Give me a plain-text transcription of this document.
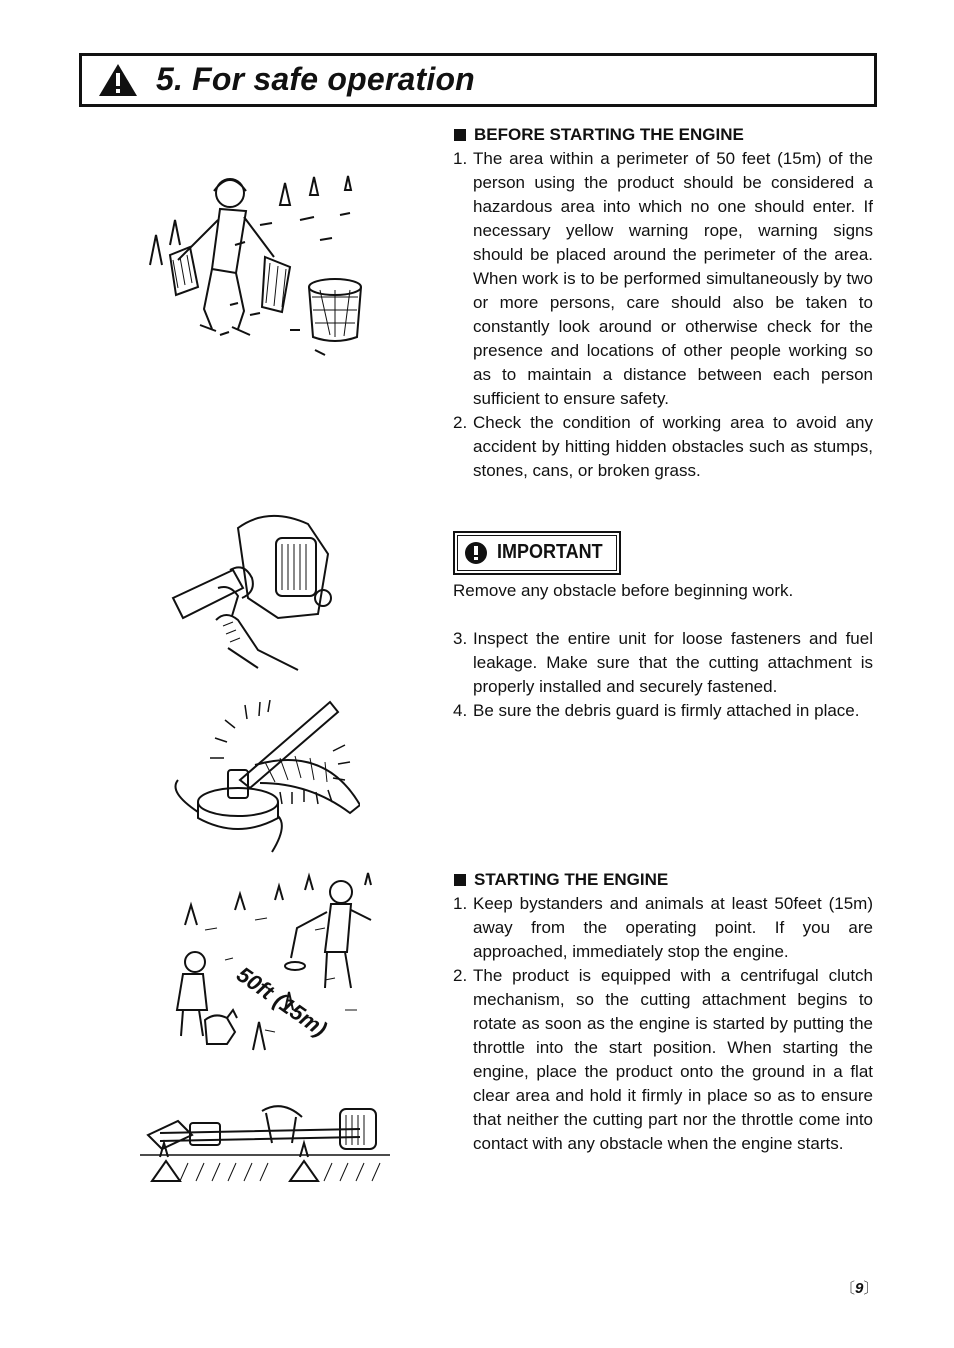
5. For safe operation
50ft (15m)
BEFORE STARTING THE ENGINE
1. The area within a perimeter of 50 feet (15m) of the person using the product should be considered a hazardous area into which no one should enter. If necessary yellow warning rope, warning signs should be placed around the perimeter of the area. When work is to be performed simultaneously by two or more persons, care should also be taken to constantly look around or otherwise check for the presence and locations of other people working so as to maintain a distance between each person sufficient to ensure safety.
2. Check the condition of working area to avoid any accident by hitting hidden obstacles such as stumps, stones, cans, or broken grass.
IMPORTANT
Remove any obstacle before beginning work.
3. Inspect the entire unit for loose fasteners and fuel leakage. Make sure that the cutting attachment is properly installed and securely fastened.
4. Be sure the debris guard is firmly attached in place.
STARTING THE ENGINE
1. Keep bystanders and animals at least 50feet (15m) away from the operating point. If you are approached, immediately stop the engine.
2. The product is equipped with a centrifugal clutch mechanism, so the cutting attachment begins to rotate as soon as the engine is started by putting the throttle into the start position. When starting the engine, place the product onto the ground in a flat clear area and hold it firmly in place so as to ensure that neither the cutting part nor the throttle come into contact with any obstacle when the engine starts.
〔9〕
